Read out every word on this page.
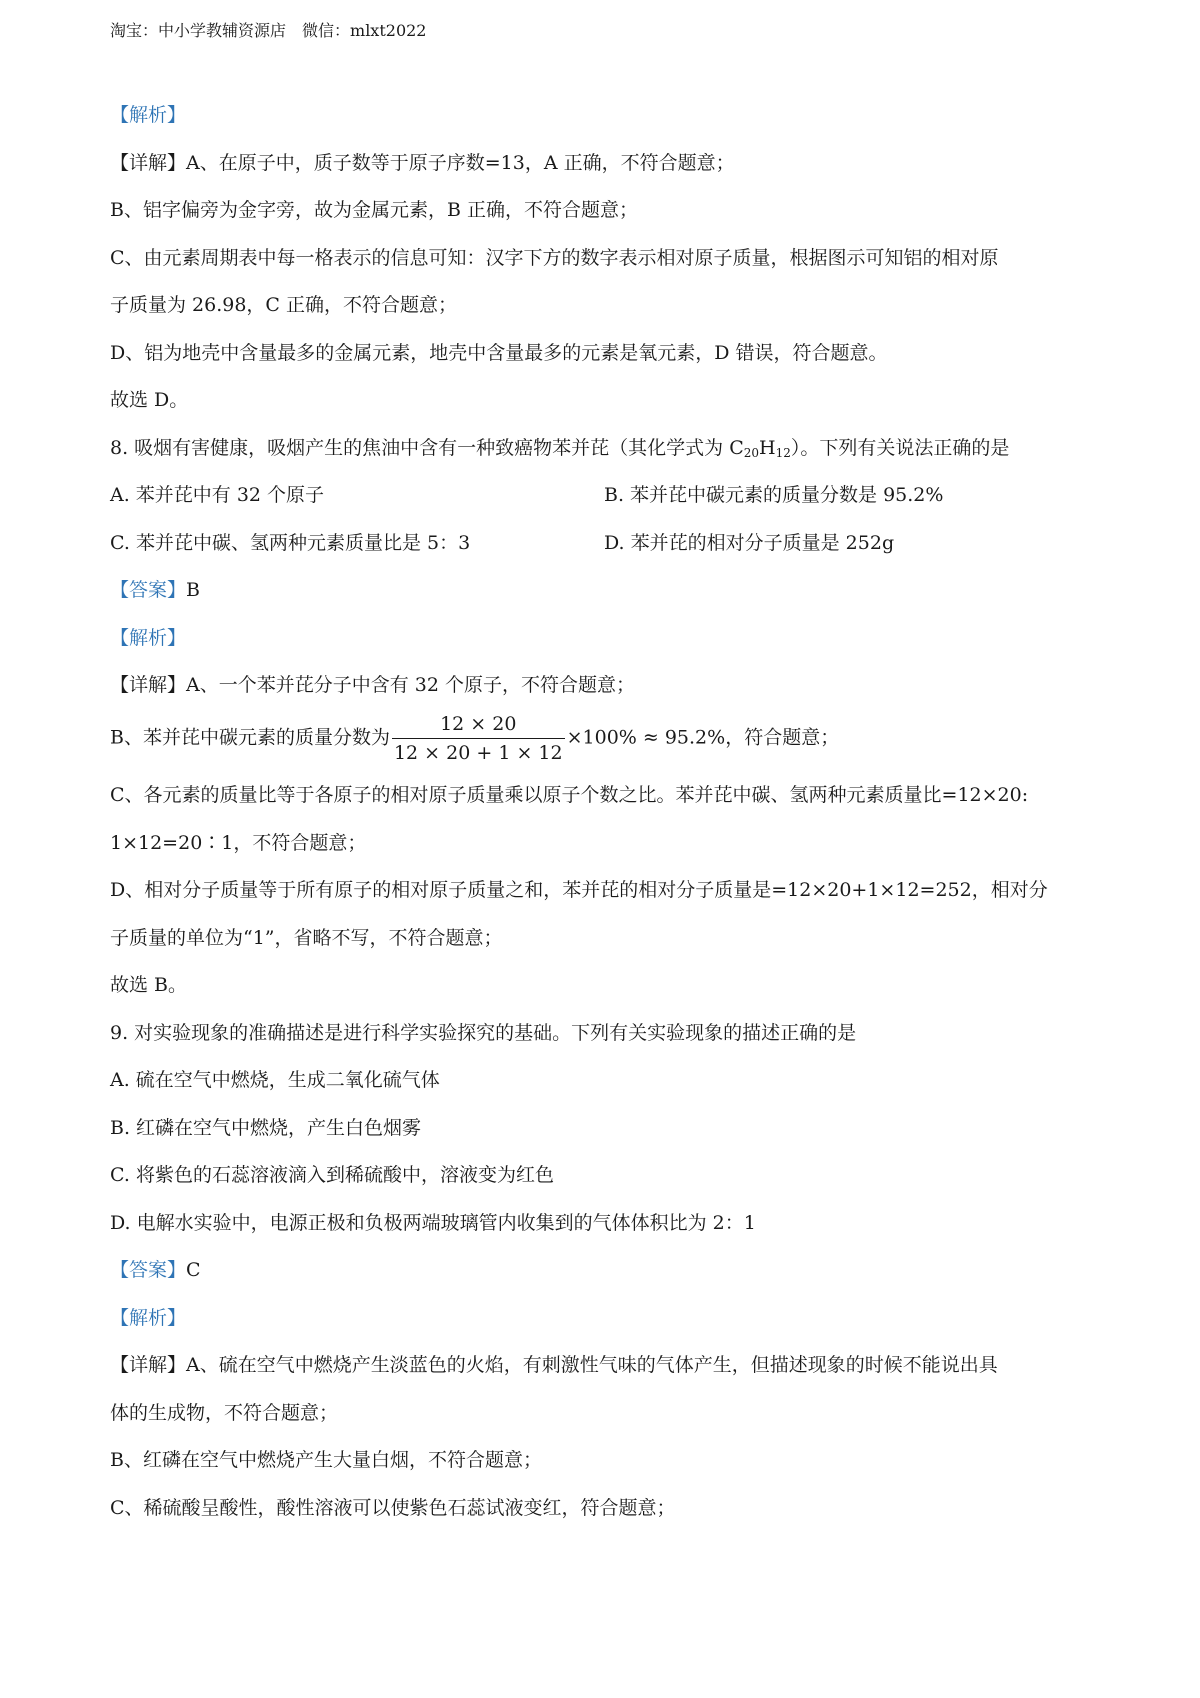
淘宝：中小学教辅资源店 微信：mlxt2022
【解析】
【详解】A、在原子中，质子数等于原子序数=13，A 正确，不符合题意；
B、铝字偏旁为金字旁，故为金属元素，B 正确，不符合题意；
C、由元素周期表中每一格表示的信息可知：汉字下方的数字表示相对原子质量，根据图示可知铝的相对原
子质量为 26.98，C 正确，不符合题意；
D、铝为地壳中含量最多的金属元素，地壳中含量最多的元素是氧元素，D 错误，符合题意。
故选 D。
8. 吸烟有害健康，吸烟产生的焦油中含有一种致癌物苯并芘（其化学式为 $C_{20}H_{12}$）。下列有关说法正确的是
A. 苯并芘中有 32 个原子	B. 苯并芘中碳元素的质量分数是 95.2%
C. 苯并芘中碳、氢两种元素质量比是 5：3	D. 苯并芘的相对分子质量是 252g
【答案】B
【解析】
【详解】A、一个苯并芘分子中含有 32 个原子，不符合题意；
B、苯并芘中碳元素的质量分数为 $\frac{12 \times 20}{12 \times 20 + 1 \times 12} \times 100\% \approx 95.2\%$，符合题意；
C、各元素的质量比等于各原子的相对原子质量乘以原子个数之比。苯并芘中碳、氢两种元素质量比=12×20:
1×12=20∶1，不符合题意；
D、相对分子质量等于所有原子的相对原子质量之和，苯并芘的相对分子质量是=12×20+1×12=252，相对分
子质量的单位为“1”，省略不写，不符合题意；
故选 B。
9. 对实验现象的准确描述是进行科学实验探究的基础。下列有关实验现象的描述正确的是
A. 硫在空气中燃烧，生成二氧化硫气体
B. 红磷在空气中燃烧，产生白色烟雾
C. 将紫色的石蕊溶液滴入到稀硫酸中，溶液变为红色
D. 电解水实验中，电源正极和负极两端玻璃管内收集到的气体体积比为 2：1
【答案】C
【解析】
【详解】A、硫在空气中燃烧产生淡蓝色的火焰，有刺激性气味的气体产生，但描述现象的时候不能说出具
体的生成物，不符合题意；
B、红磷在空气中燃烧产生大量白烟，不符合题意；
C、稀硫酸呈酸性，酸性溶液可以使紫色石蕊试液变红，符合题意；
